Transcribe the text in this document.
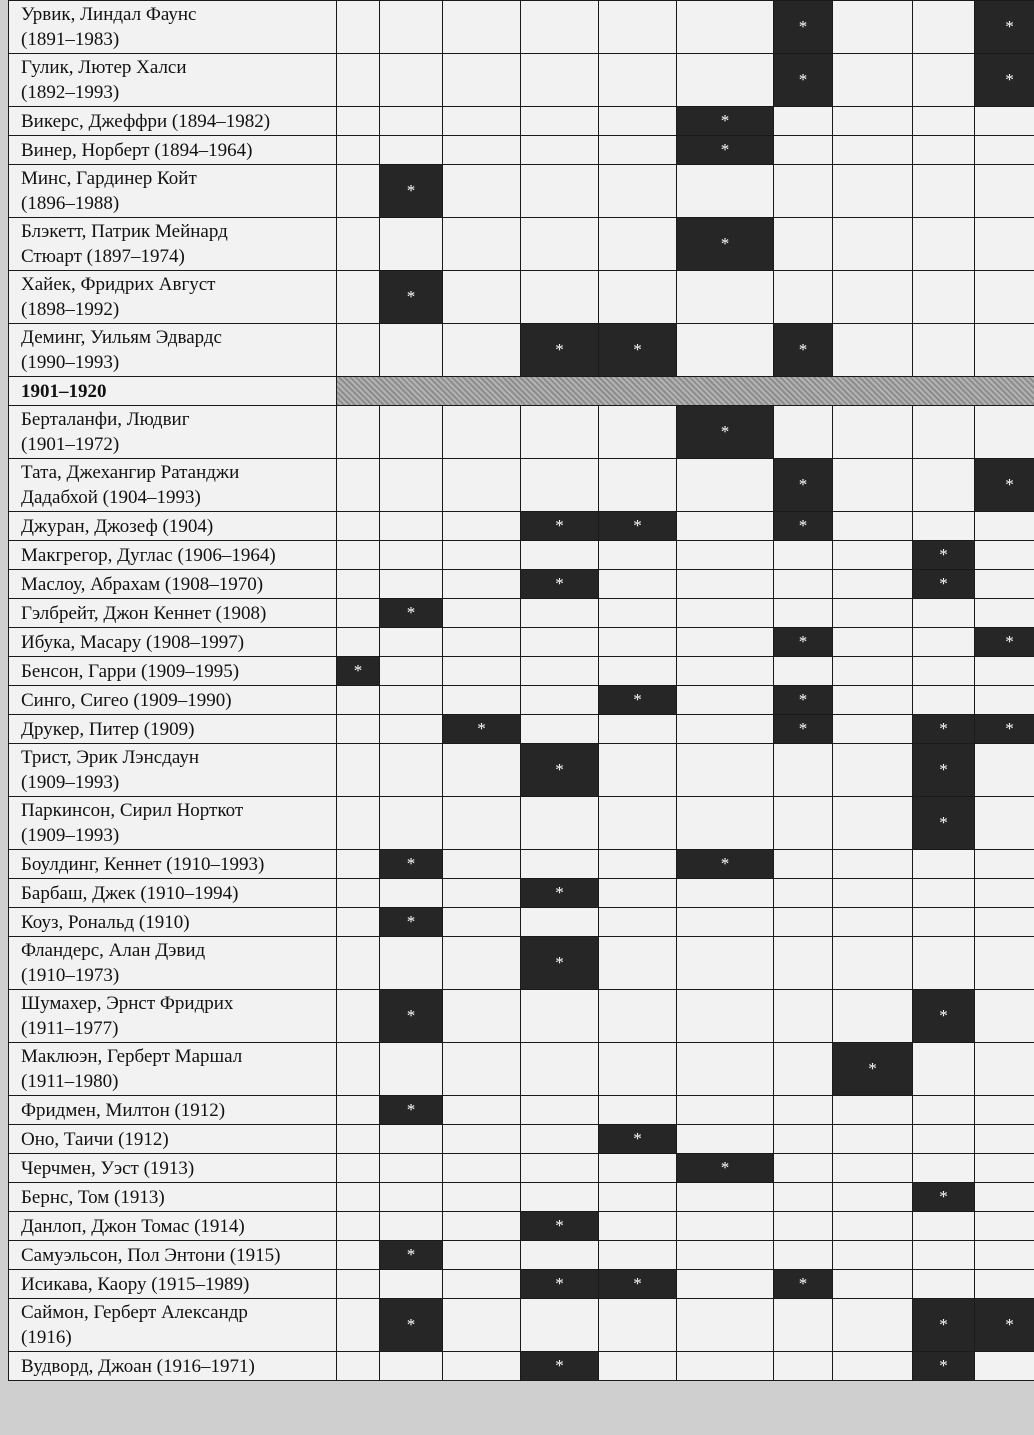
Урвик, Линдал Фаунс
(1891–1983)							*			*
Гулик, Лютер Халси
(1892–1993)							*			*
Викерс, Джеффри (1894–1982)						*				
Винер, Норберт (1894–1964)						*				
Минс, Гардинер Койт
(1896–1988)		*								
Блэкетт, Патрик Мейнард
Стюарт (1897–1974)						*				
Хайек, Фридрих Август
(1898–1992)		*								
Деминг, Уильям Эдвардс
(1990–1993)				*	*		*			
1901–1920										
Берталанфи, Людвиг
(1901–1972)						*				
Тата, Джехангир Ратанджи
Дадабхой (1904–1993)							*			*
Джуран, Джозеф (1904)				*	*		*			
Макгрегор, Дуглас (1906–1964)									*	
Маслоу, Абрахам (1908–1970)				*					*	
Гэлбрейт, Джон Кеннет (1908)		*								
Ибука, Масару (1908–1997)							*			*
Бенсон, Гарри (1909–1995)	*									
Синго, Сигео (1909–1990)					*		*			
Друкер, Питер (1909)			*				*		*	*
Трист, Эрик Лэнсдаун
(1909–1993)				*					*	
Паркинсон, Сирил Норткот
(1909–1993)									*	
Боулдинг, Кеннет (1910–1993)		*				*				
Барбаш, Джек (1910–1994)				*						
Коуз, Рональд (1910)		*								
Фландерс, Алан Дэвид
(1910–1973)				*						
Шумахер, Эрнст Фридрих
(1911–1977)		*							*	
Маклюэн, Герберт Маршал
(1911–1980)								*		
Фридмен, Милтон (1912)		*								
Оно, Таичи (1912)					*					
Черчмен, Уэст (1913)						*				
Бернс, Том (1913)									*	
Данлоп, Джон Томас (1914)				*						
Самуэльсон, Пол Энтони (1915)		*								
Исикава, Каору (1915–1989)				*	*		*			
Саймон, Герберт Александр
(1916)		*							*	*
Вудворд, Джоан (1916–1971)				*					*	
